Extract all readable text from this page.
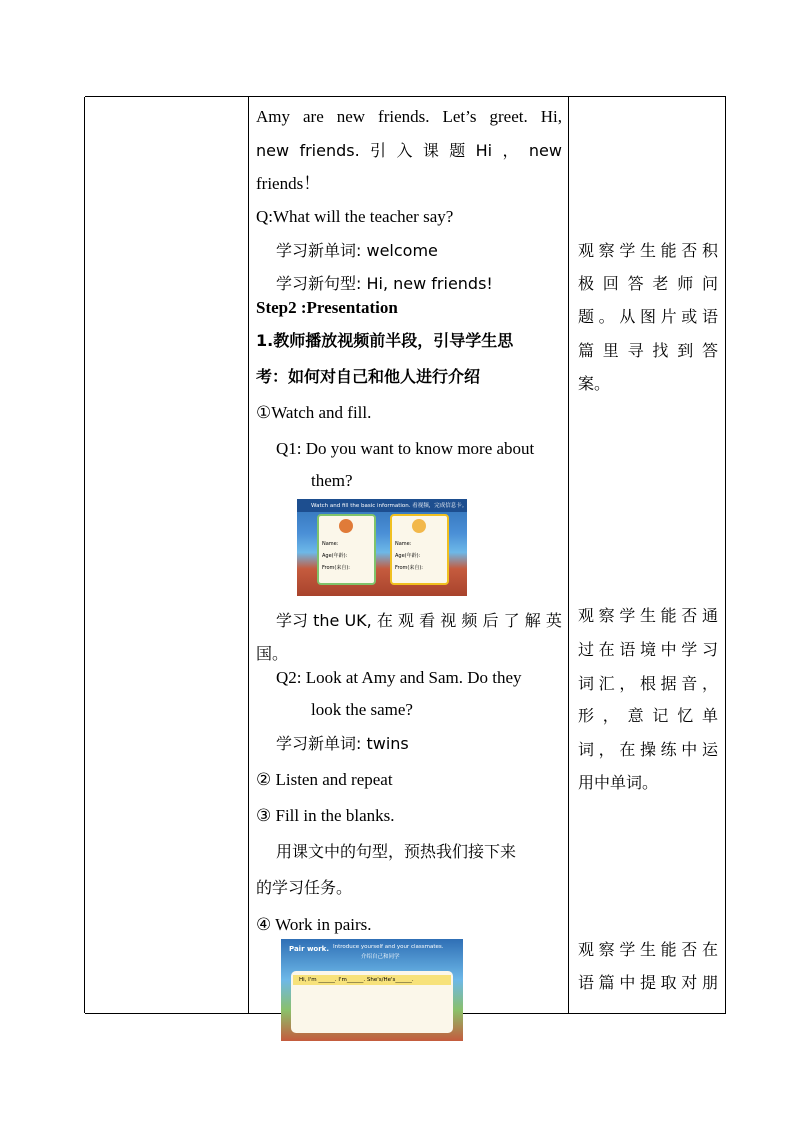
Amy are new friends. Let’s greet. Hi,
new friends. 引 入 课 题 Hi ， new
friends！
Q:What will the teacher say?
学习新单词: welcome
学习新句型: Hi, new friends!
Step2 :Presentation
1.教师播放视频前半段，引导学生思
考：如何对自己和他人进行介绍
①Watch and fill.
Q1: Do you want to know more about
them?
Watch and fill the basic information. 看视频，完成信息卡。
Name:
Age(年龄):
From(来自):
Name:
Age(年龄):
From(来自):
学习 the UK, 在 观 看 视 频 后 了 解 英
国。
Q2: Look at Amy and Sam. Do they
look the same?
学习新单词: twins
② Listen and repeat
③ Fill in the blanks.
用课文中的句型，预热我们接下来
的学习任务。
④ Work in pairs.
Pair work. Introduce yourself and your classmates.
介绍自己和同学
Hi, I'm ______. I'm______. She's/He's______.
观 察 学 生 能 否 积
极 回 答 老 师 问
题 。 从 图 片 或 语
篇 里 寻 找 到 答
案。
观 察 学 生 能 否 通
过 在 语 境 中 学 习
词 汇 ， 根 据 音 ，
形 ， 意 记 忆 单
词 ， 在 操 练 中 运
用中单词。
观 察 学 生 能 否 在
语 篇 中 提 取 对 朋
